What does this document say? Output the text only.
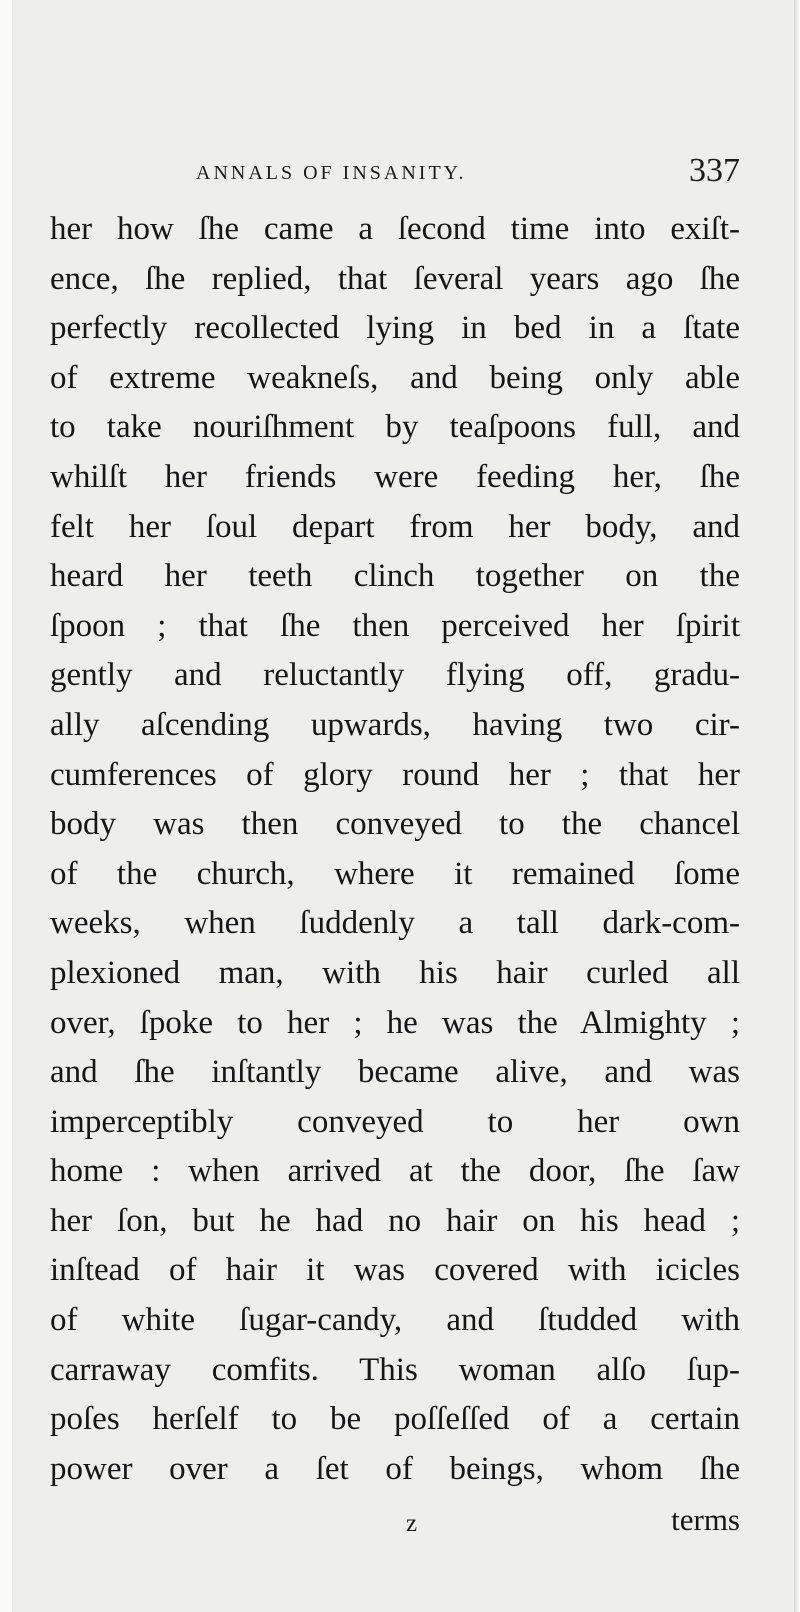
ANNALS OF INSANITY.	337
her how ſhe came a ſecond time into exiſt-
ence, ſhe replied, that ſeveral years ago ſhe
perfectly recollected lying in bed in a ſtate
of extreme weakneſs, and being only able
to take nouriſhment by teaſpoons full, and
whilſt her friends were feeding her, ſhe
felt her ſoul depart from her body, and
heard her teeth clinch together on the
ſpoon ; that ſhe then perceived her ſpirit
gently and reluctantly flying off, gradu-
ally aſcending upwards, having two cir-
cumferences of glory round her ; that her
body was then conveyed to the chancel
of the church, where it remained ſome
weeks, when ſuddenly a tall dark-com-
plexioned man, with his hair curled all
over, ſpoke to her ; he was the Almighty ;
and ſhe inſtantly became alive, and was
imperceptibly conveyed to her own
home : when arrived at the door, ſhe ſaw
her ſon, but he had no hair on his head ;
inſtead of hair it was covered with icicles
of white ſugar-candy, and ſtudded with
carraway comfits. This woman alſo ſup-
poſes herſelf to be poſſeſſed of a certain
power over a ſet of beings, whom ſhe
z	terms
